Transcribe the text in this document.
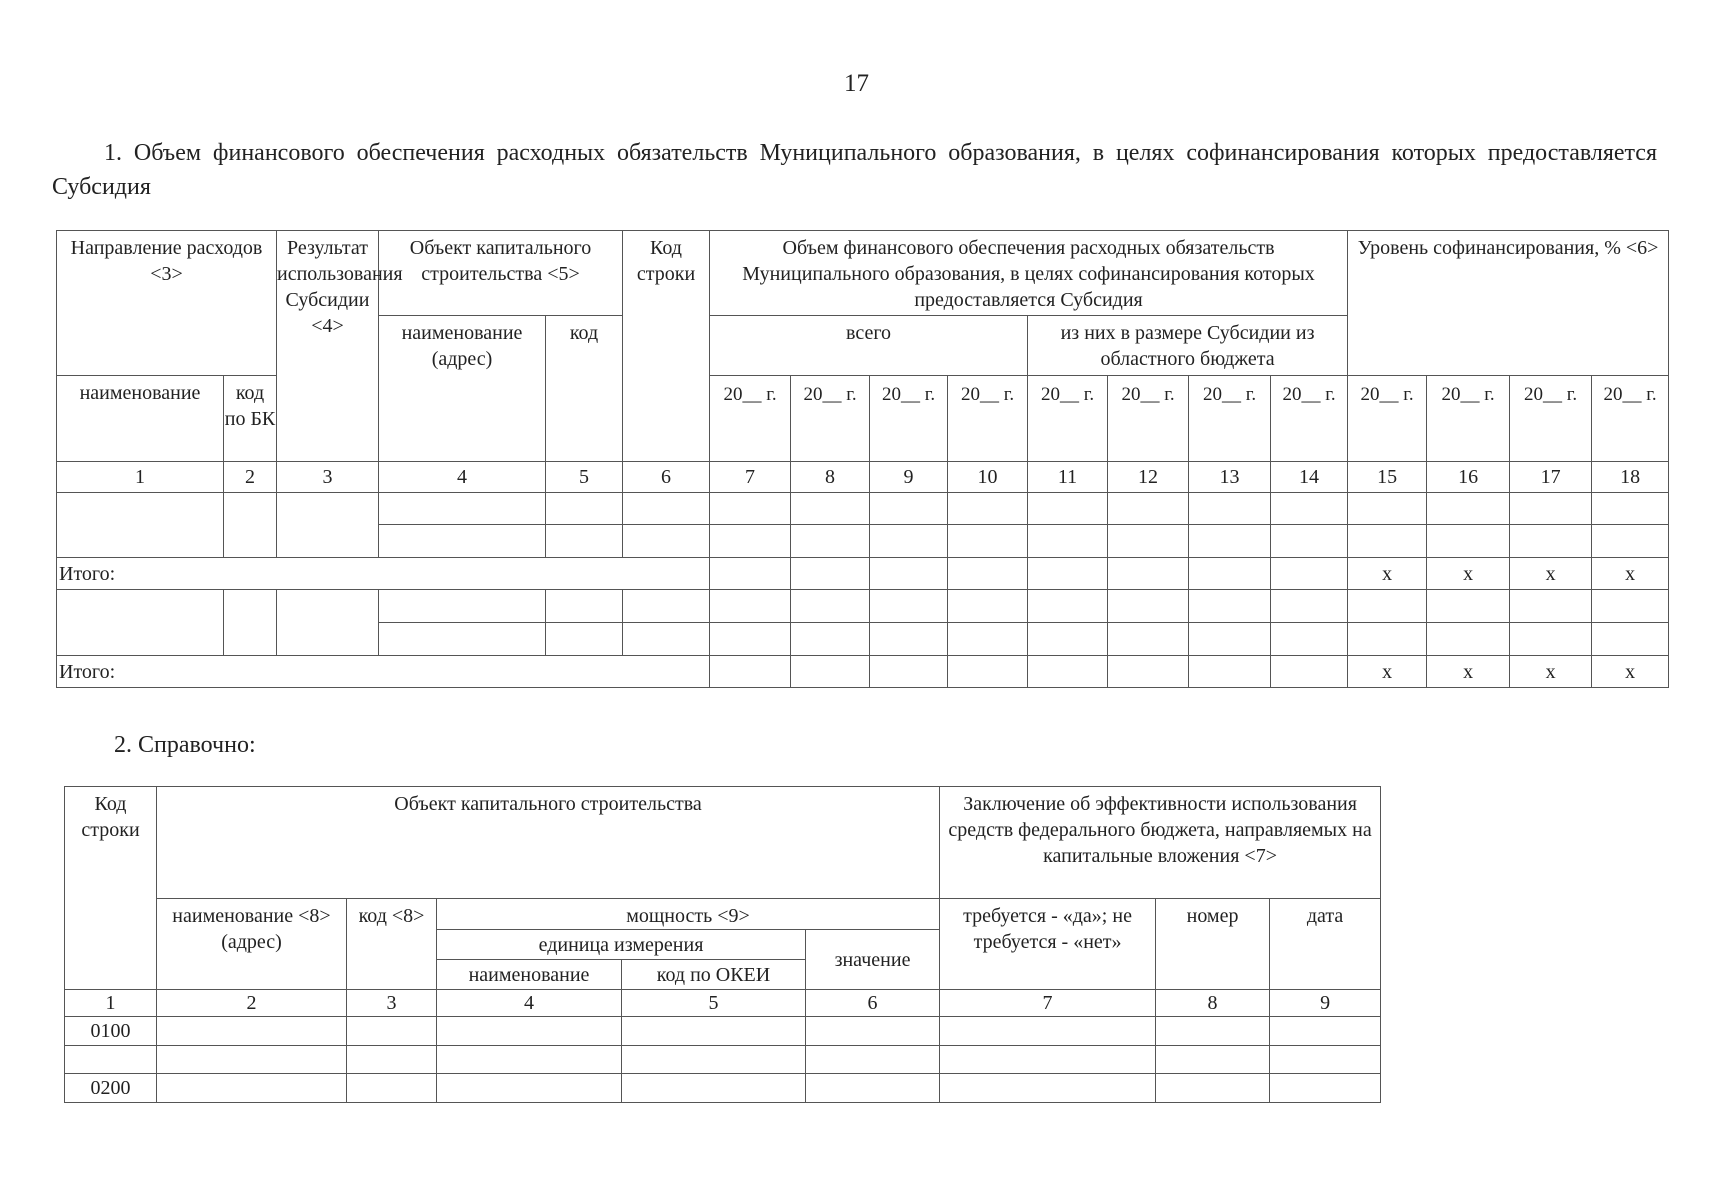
17
1. Объем финансового обеспечения расходных обязательств Муниципального образования, в целях софинансирования которых предоставляется Субсидия
Направление расходов <3>		Результат использования Субсидии <4>	Объект капитального строительства <5>		Код строки	Объем финансового обеспечения расходных обязательств Муниципального образования, в целях софинансирования которых предоставляется Субсидия								Уровень софинансирования, % <6>			
			наименование (адрес)	код		всего				из них в размере Субсидии из областного бюджета							
наименование	код по БК					20__ г.	20__ г.	20__ г.	20__ г.	20__ г.	20__ г.	20__ г.	20__ г.	20__ г.	20__ г.	20__ г.	20__ г.
1	2	3	4	5	6	7	8	9	10	11	12	13	14	15	16	17	18

Итого:														x	x	x	x

Итого:														x	x	x	x
2. Справочно:
Код строки	Объект капитального строительства					Заключение об эффективности использования средств федерального бюджета, направляемых на капитальные вложения <7>		
	наименование <8> (адрес)	код <8>	мощность <9>			требуется - «да»; не требуется - «нет»	номер	дата
			единица измерения		значение			
			наименование	код по ОКЕИ				
1	2	3	4	5	6	7	8	9
0100								

0200								
